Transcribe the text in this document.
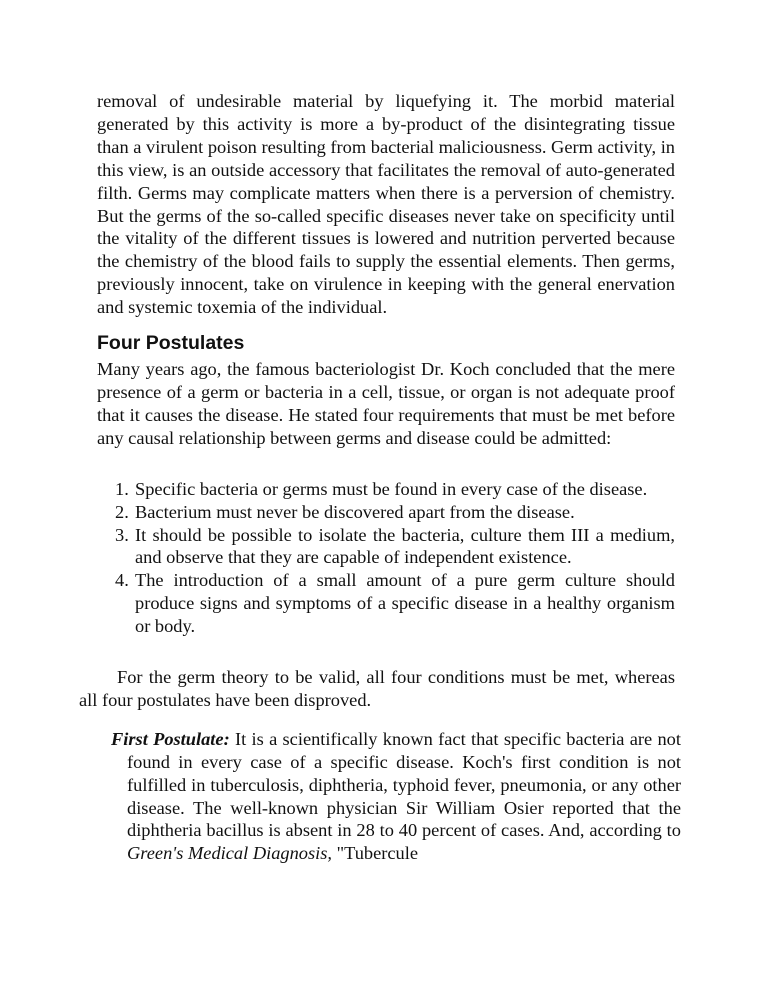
removal of undesirable material by liquefying it. The morbid material generated by this activity is more a by-product of the disintegrating tissue than a virulent poison resulting from bacterial maliciousness. Germ activity, in this view, is an outside accessory that facilitates the removal of auto-generated filth. Germs may complicate matters when there is a perversion of chemistry. But the germs of the so-called specific diseases never take on specificity until the vitality of the different tissues is lowered and nutrition perverted because the chemistry of the blood fails to supply the essential elements. Then germs, previously innocent, take on virulence in keeping with the general enervation and systemic toxemia of the individual.

Four Postulates

Many years ago, the famous bacteriologist Dr. Koch concluded that the mere presence of a germ or bacteria in a cell, tissue, or organ is not adequate proof that it causes the disease. He stated four requirements that must be met before any causal relationship between germs and disease could be admitted:

1. Specific bacteria or germs must be found in every case of the disease.
2. Bacterium must never be discovered apart from the disease.
3. It should be possible to isolate the bacteria, culture them III a medium, and observe that they are capable of independent existence.
4. The introduction of a small amount of a pure germ culture should produce signs and symptoms of a specific disease in a healthy organism or body.

For the germ theory to be valid, all four conditions must be met, whereas all four postulates have been disproved.

First Postulate: It is a scientifically known fact that specific bacteria are not found in every case of a specific disease. Koch's first condition is not fulfilled in tuberculosis, diphtheria, typhoid fever, pneumonia, or any other disease. The well-known physician Sir William Osier reported that the diphtheria bacillus is absent in 28 to 40 percent of cases. And, according to Green's Medical Diagnosis, "Tubercule
